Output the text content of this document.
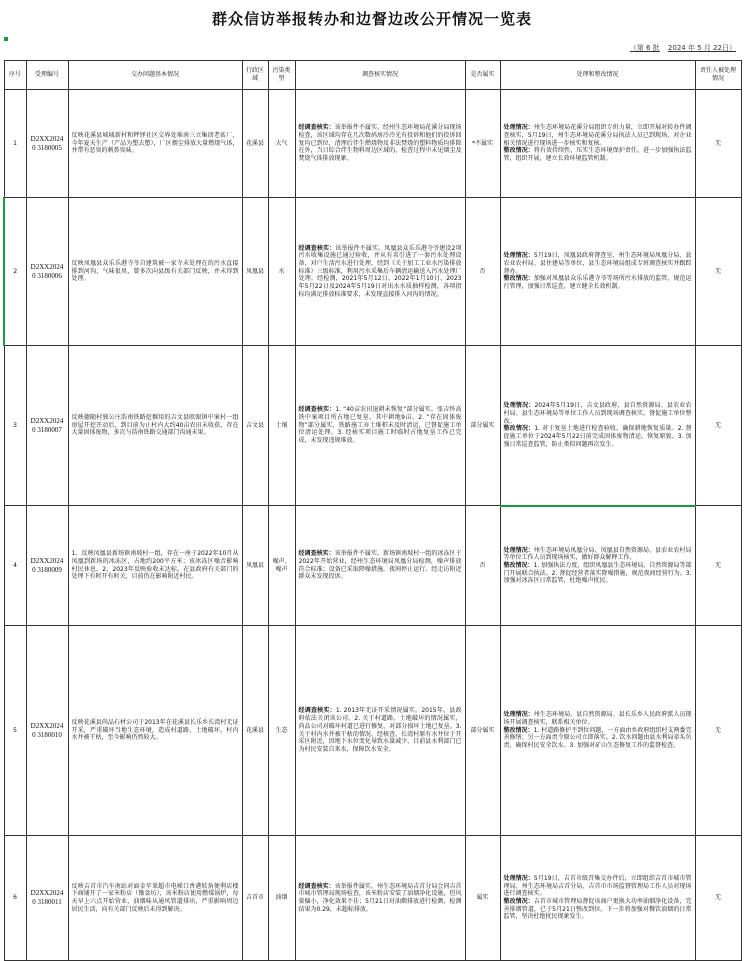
群众信访举报转办和边督边改公开情况一览表
（第 6 批 2024 年 5 月 22日）
序号	受理编号	交办问题基本情况	行政区域	污染类型	调查核实情况	是否属实	处理和整改情况	责任人被处理情况
1	D2XX20240 3180005	反映花溪县城城新村和秤铎社区交界处堆南三立集团老砖厂，今年夏天生产（产品为塑去塑），厂区烟尘排放大量燃烧气体，并带有恶臭的刺鼻臭味。	花溪县	大气	经调查核实：该举报件不属实。经州生态环境局花溪分局现场检查，该区域均存在几次数码房冷冷光有投诉和他们的投诉回复均已到位，清理后伴生燃烧物及非法焚烧的塑料物质均排除在外，当日综合伴生物料周边区域的，检查过程中未见烟尘及焚烧气体排放现象。	*不属实	处理情况：州生态环境局花溪分局组织专班力量，立即开展对转办件调查核实，5月19日，州生态环境局花溪分局执法人员已到现场，对企业相关情况进行现场进一步核实和复核。
整改情况：将有效持续性，压实生态环境保护责任，进一步加强执法监管，组织开展，建立长效环境监管机制。	无
2	D2XX20240 3180006	反映凤凰县众乐乐港寺爷自建筑被一家寺未处理在的污水直接排到河沟，气味很臭，曾多次向县级有关部门反映，并未得到处理。	凤凰县	水	经调查核实：该举报件不属实。凤凰县众乐乐港寺爷建设2项污水收集设施已通过验收，并从有名引进了一套污水处理设备，对户生活污水进行处理，经到《关于加工工业水污染排放标准》三级标准，利用污水采集后车辆清运输送入污水处理厂处理。经检测，2021年5月12日、2022年1月10日、2023年5月22日及2024年5月19日对出水水质抽样检测，各项指标均满足排放标准要求，未发现直接排入河沟的情况。	否	处理情况：5月19日，凤凰县政府督查室、州生态环境局凤凰分局、县农业农村局、县住建局等单位，县生态环境局组成专班调查核实并跟踪督办。
整改情况：加强对凤凰县众乐乐港寺爷等场所污水排放的监管，规范运行管理，加强日常巡查，建立健全长效机制。	无
3	D2XX20240 3180007	反映德随村独公庄浩南铁路挖掘用的吉文县欧眼镇中案村一组房屋开挖开动后，到目前为止村内大约40亩农田未收获，存在大量固体废物，多次与浩南铁路交通部门沟通未果。	吉文县	土壤	经调查核实：1. “40亩农田退耕未恢复”部分属实。张吉怀高铁中案项目所占地已复垦，其中耕地9亩。2. “存在固体废物”部分属实，铁路施工弃土堆积未及时清运，已督促施工单位清运处理。3. 经核实项目施工时临时占地复垦工作已完成，未发现违规堆放。	部分属实	处理情况：2024年5月19日，吉文县政府、县自然资源局、县农业农村局、县生态环境局等单位工作人员到现场调查核实，督促施工单位整改。
整改情况：1. 对于复垦土地进行检查验收，确保耕地恢复质量。2. 督促施工单位于2024年5月22日前完成固体废物清运，恢复原貌。3. 加强日常巡查监管，防止类似问题再次发生。	无
4	D2XX20240 3180009	1、反映凤凰县新场镇南坡村一组，存在一座于2022年10月从凤凰到新场的冰冻区，占地约200平方米；该冰冻区噪音影响村民休息。2、2023年反映验收未达标，在县政府有关部门的处理下有时开有时关，目前仍在影响附近村民。	凤凰县	噪声、噪声	经调查核实：该举报件不属实。新场镇南坡村一组的冰冻区于2022年开始营业，经州生态环境局凤凰分局检测，噪声排放符合标准；设备已采取降噪措施，夜间停止运行。经走访附近群众未发现投诉。	否	处理情况：州生态环境局凤凰分局、凤凰县自然资源局、县农业农村局等单位工作人员到现场核实，做好群众解释工作。
整改情况：1. 加强执法力度，组织凤凰县生态环境局、自然资源局等部门开展联合执法。2. 督促经营者落实降噪措施，规范夜间经营行为。3. 加强对冰冻区日常监管，杜绝噪声扰民。	无
5	D2XX20240 3180010	反映花溪县尚品石材公司于2013年在花溪县长乐乡长湾村无证开采，严重破坏当地生态环境，造成村道路、土地破坏，村内水井被干枯，至今影响仍然较大。	花溪县	生态	经调查核实：1. 2013年无证开采情况属实。2015年，县政府依法关闭该公司。2. 关于村道路、土地破坏的情况属实，尚品公司对破坏村道已进行修复，对部分损坏土地已复垦。3. 关于村内水井被干枯的情况，经核查，长湾村原有水井位于开采区附近，因地下水位变化导致水量减少，目前县水利部门已为村民安装自来水，保障饮水安全。	部分属实	处理情况：州生态环境局、县自然资源局、县长乐乡人民政府派人员现场开展调查核实，联系相关单位。
整改情况：1. 村道路修护不到位问题，一方面由乡政府组织村支两委完善修缮；另一方面责令原公司立即落实。2. 饮水问题由县水利局牵头负责，确保村民安全饮水。3. 加强对矿山生态修复工作的监督检查。	无
6	D2XX20240 3180011	反映吉首市汽车南站对面金苹果超市电梯口香港转角便利店楼下商铺开了一家米粉店（豫食坊），该米粉店使用燃煤锅炉，每天早上六点开始营业，油烟味从通风管道排出，严重影响周边居民生活，向有关部门反映后未得到解决。	吉首市	油烟	经调查核实：该举报件属实。州生态环境局吉首分局会同吉首市城市管理局现场检查，该米粉店安装了油烟净化设施，但风量偏小，净化效果不佳；5月21日对油烟排放进行检测，检测结果为0.29，未超标排放。	属实	处理情况：5月19日，吉首市级召集交办件后，立即组织吉首市城市管理局、州生态环境局吉首分局、吉首市市场监督管理局工作人员对现场进行调查核实。
整改情况：吉首市城市管理局督促该商户更换大功率油烟净化设备，完善排烟管道，已于5月21日整改到位。下一步将加强对餐饮油烟的日常监管，坚决杜绝扰民现象发生。	无
